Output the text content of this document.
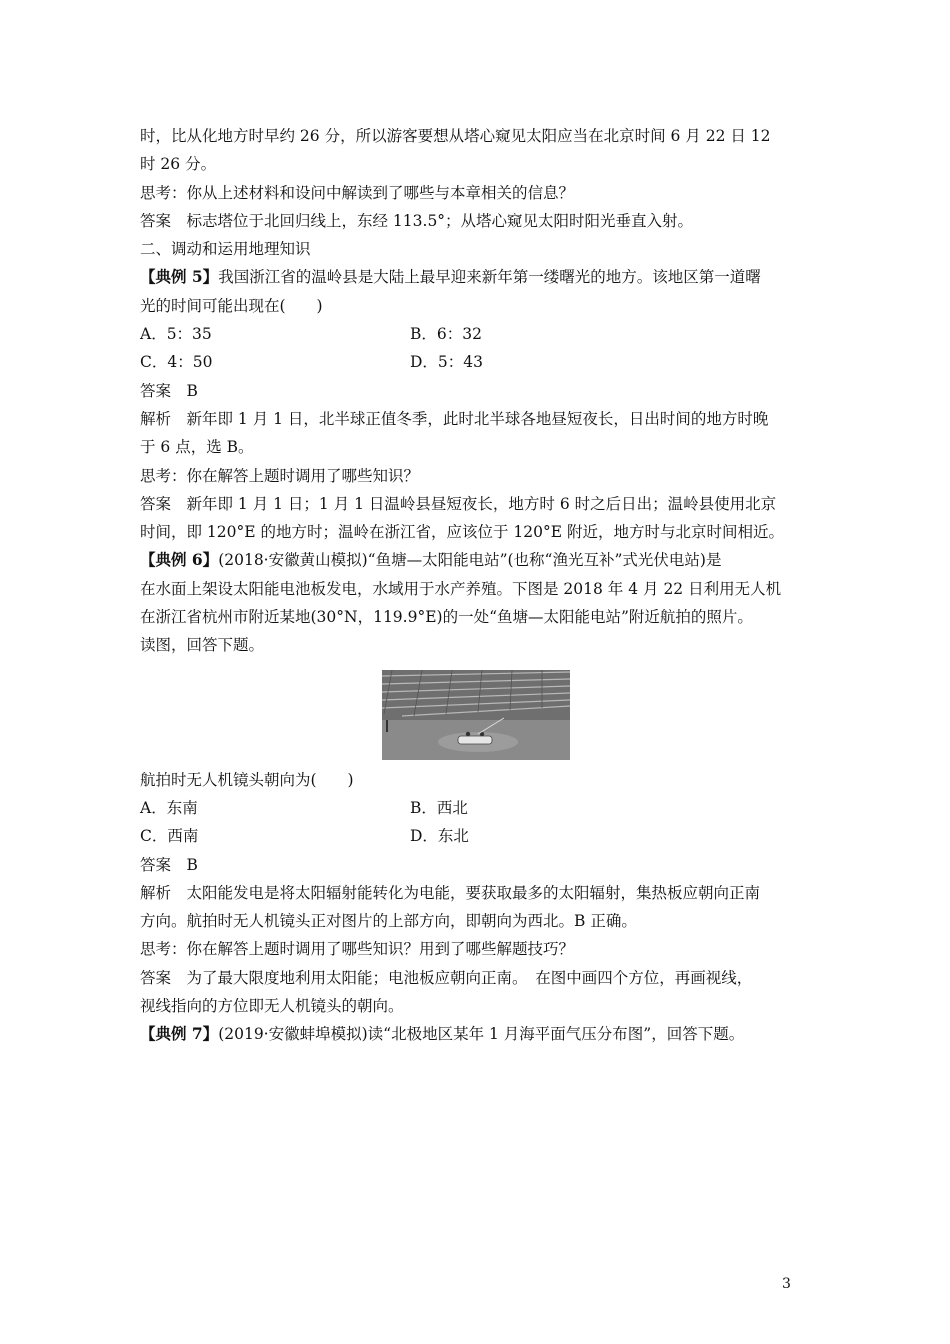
时，比从化地方时早约 26 分，所以游客要想从塔心窥见太阳应当在北京时间 6 月 22 日 12
时 26 分。
思考：你从上述材料和设问中解读到了哪些与本章相关的信息？
答案　标志塔位于北回归线上，东经 113.5°；从塔心窥见太阳时阳光垂直入射。
二、调动和运用地理知识
【典例 5】我国浙江省的温岭县是大陆上最早迎来新年第一缕曙光的地方。该地区第一道曙
光的时间可能出现在(　　)
A．5：35	B．6：32
C．4：50	D．5：43
答案　B
解析　新年即 1 月 1 日，北半球正值冬季，此时北半球各地昼短夜长，日出时间的地方时晚
于 6 点，选 B。
思考：你在解答上题时调用了哪些知识？
答案　新年即 1 月 1 日；1 月 1 日温岭县昼短夜长，地方时 6 时之后日出；温岭县使用北京
时间，即 120°E 的地方时；温岭在浙江省，应该位于 120°E 附近，地方时与北京时间相近。
【典例 6】(2018·安徽黄山模拟)“鱼塘—太阳能电站”(也称“渔光互补”式光伏电站)是
在水面上架设太阳能电池板发电，水域用于水产养殖。下图是 2018 年 4 月 22 日利用无人机
在浙江省杭州市附近某地(30°N，119.9°E)的一处“鱼塘—太阳能电站”附近航拍的照片。
读图，回答下题。
航拍时无人机镜头朝向为(　　)
A．东南	B．西北
C．西南	D．东北
答案　B
解析　太阳能发电是将太阳辐射能转化为电能，要获取最多的太阳辐射，集热板应朝向正南
方向。航拍时无人机镜头正对图片的上部方向，即朝向为西北。B 正确。
思考：你在解答上题时调用了哪些知识？用到了哪些解题技巧？
答案　为了最大限度地利用太阳能；电池板应朝向正南。　在图中画四个方位，再画视线，
视线指向的方位即无人机镜头的朝向。
【典例 7】(2019·安徽蚌埠模拟)读“北极地区某年 1 月海平面气压分布图”，回答下题。
3
